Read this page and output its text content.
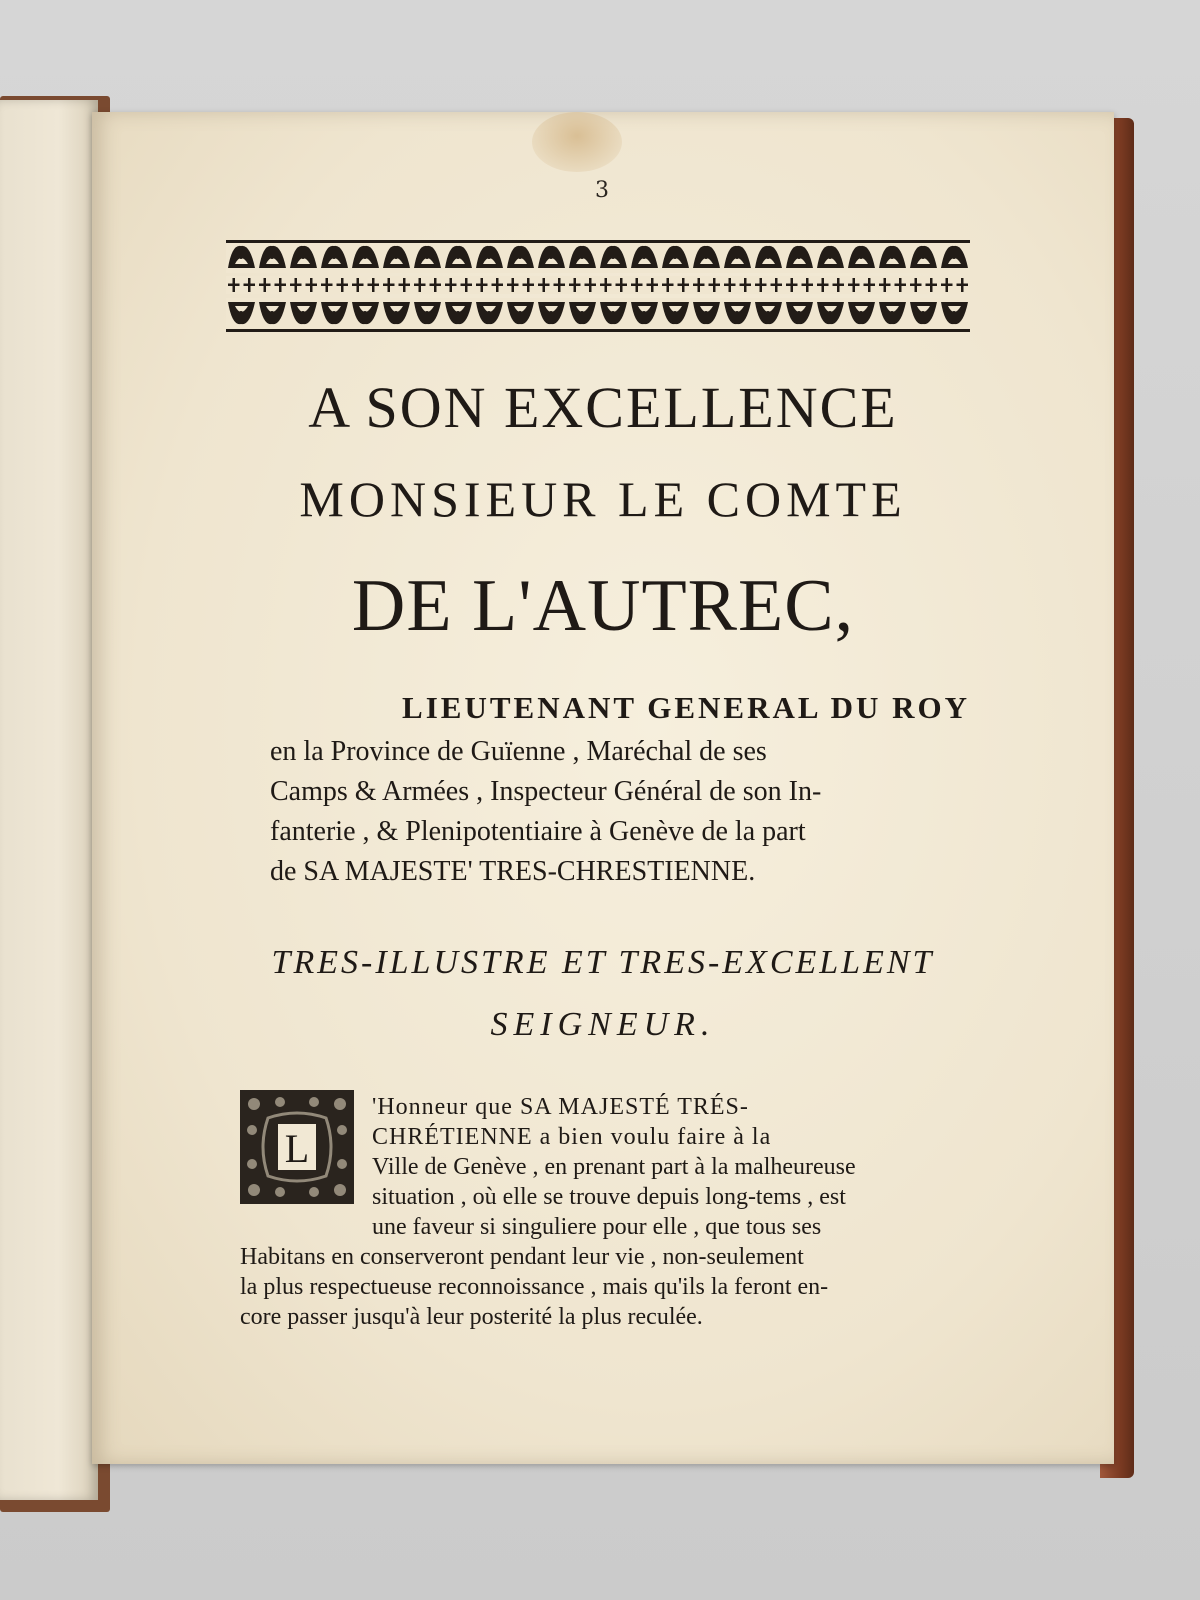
3
A SON EXCELLENCE
MONSIEUR LE COMTE
DE L'AUTREC,
LIEUTENANT GENERAL DU ROY
en la Province de Guïenne , Maréchal de ses
Camps & Armées , Inspecteur Général de son In-
fanterie , & Plenipotentiaire à Genève de la part
de SA MAJESTE' TRES-CHRESTIENNE.
TRES-ILLUSTRE ET TRES-EXCELLENT
SEIGNEUR.
L
'Honneur que SA MAJESTÉ TRÉS-
CHRÉTIENNE a bien voulu faire à la
Ville de Genève , en prenant part à la malheureuse
situation , où elle se trouve depuis long-tems , est
une faveur si singuliere pour elle , que tous ses
Habitans en conserveront pendant leur vie , non-seulement
la plus respectueuse reconnoissance , mais qu'ils la feront en-
core passer jusqu'à leur posterité la plus reculée.
